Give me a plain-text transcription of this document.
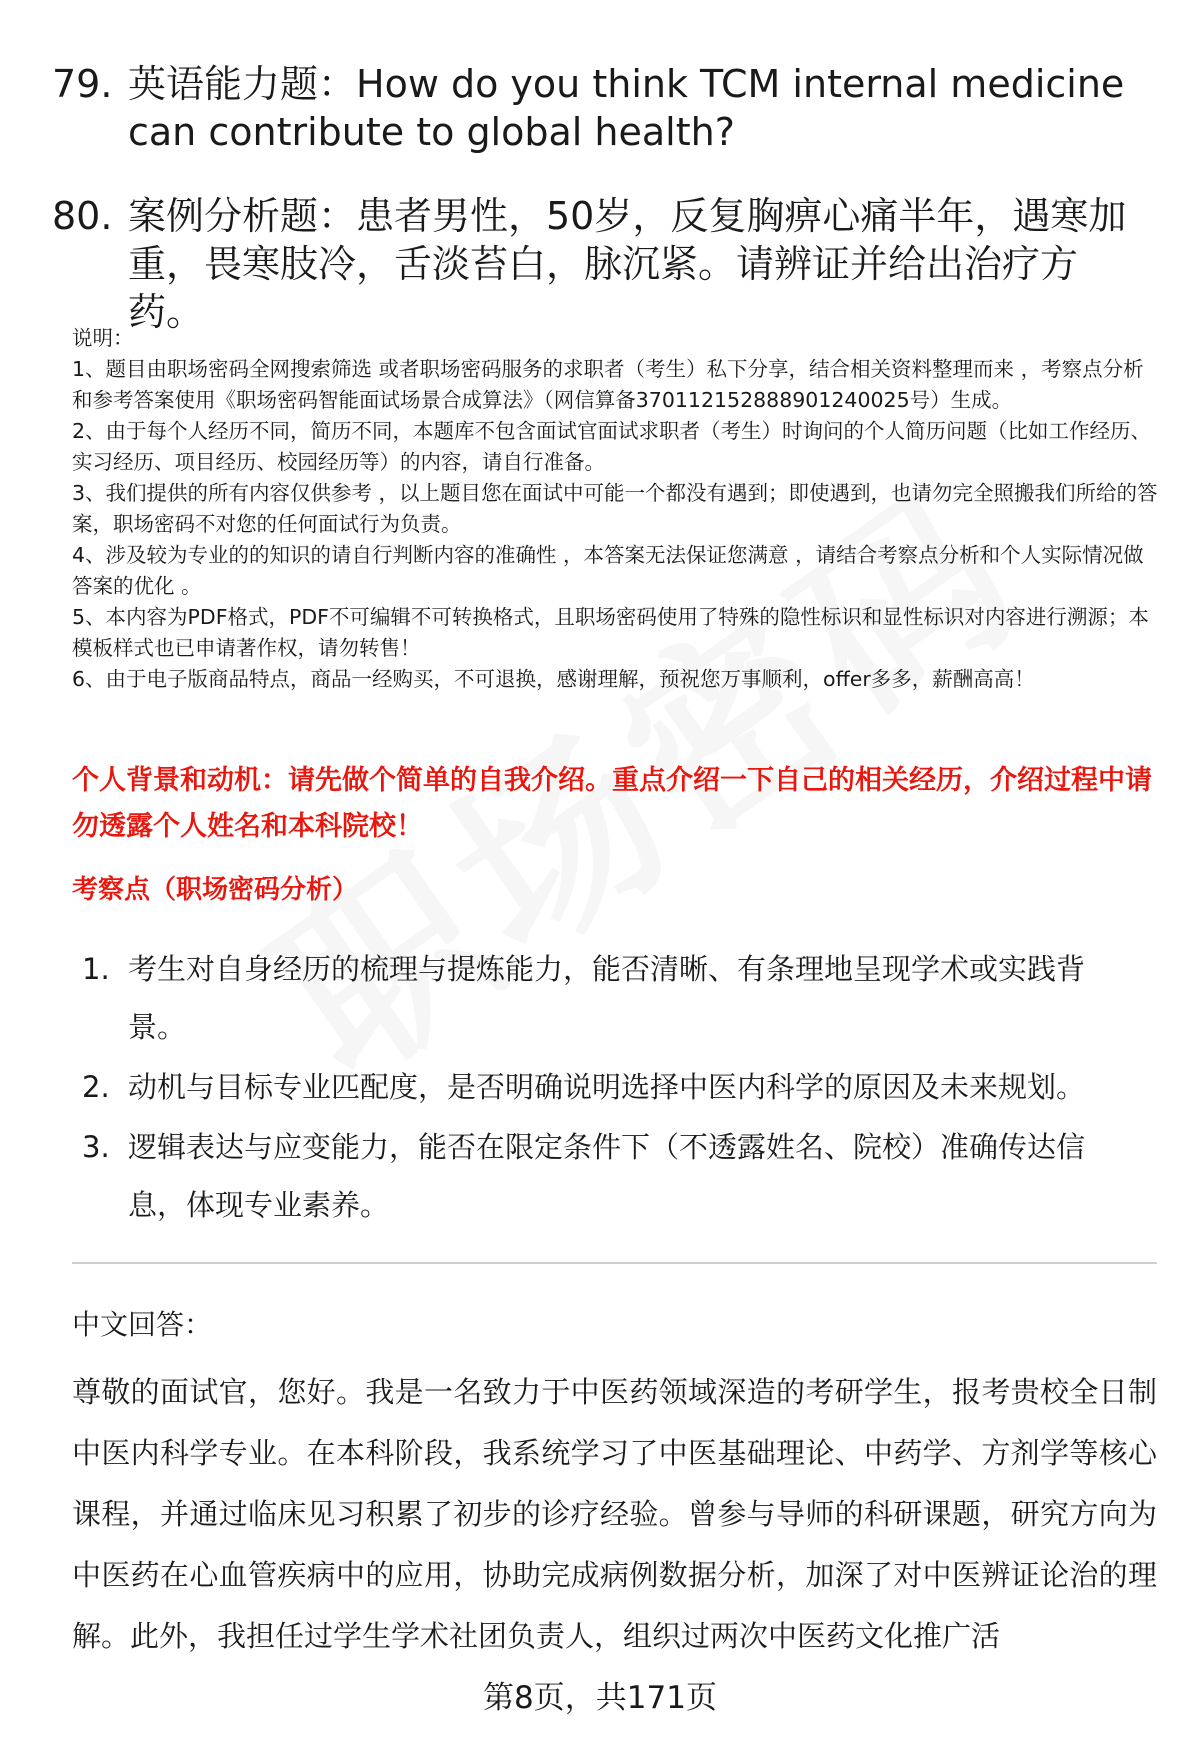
79. 英语能力题：How do you think TCM internal medicine can contribute to global health?
80. 案例分析题：患者男性，50岁，反复胸痹心痛半年，遇寒加重，畏寒肢冷，舌淡苔白，脉沉紧。请辨证并给出治疗方药。

说明：

1、题目由职场密码全网搜索筛选 或者职场密码服务的求职者（考生）私下分享，结合相关资料整理而来 ，考察点分析和参考答案使用《职场密码智能面试场景合成算法》（网信算备370112152888901240025号）生成。

2、由于每个人经历不同，简历不同，本题库不包含面试官面试求职者（考生）时询问的个人简历问题（比如工作经历、实习经历、项目经历、校园经历等）的内容，请自行准备。

3、我们提供的所有内容仅供参考 ，以上题目您在面试中可能一个都没有遇到；即使遇到，也请勿完全照搬我们所给的答案，职场密码不对您的任何面试行为负责。

4、涉及较为专业的的知识的请自行判断内容的准确性 ，本答案无法保证您满意 ，请结合考察点分析和个人实际情况做答案的优化 。

5、本内容为PDF格式，PDF不可编辑不可转换格式，且职场密码使用了特殊的隐性标识和显性标识对内容进行溯源；本模板样式也已申请著作权，请勿转售！

6、由于电子版商品特点，商品一经购买，不可退换，感谢理解，预祝您万事顺利，offer多多，薪酬高高！

个人背景和动机：请先做个简单的自我介绍。重点介绍一下自己的相关经历，介绍过程中请勿透露个人姓名和本科院校！
考察点（职场密码分析）
1. 考生对自身经历的梳理与提炼能力，能否清晰、有条理地呈现学术或实践背景。
2. 动机与目标专业匹配度，是否明确说明选择中医内科学的原因及未来规划。
3. 逻辑表达与应变能力，能否在限定条件下（不透露姓名、院校）准确传达信息，体现专业素养。
中文回答：
尊敬的面试官，您好。我是一名致力于中医药领域深造的考研学生，报考贵校全日制中医内科学专业。在本科阶段，我系统学习了中医基础理论、中药学、方剂学等核心课程，并通过临床见习积累了初步的诊疗经验。曾参与导师的科研课题，研究方向为中医药在心血管疾病中的应用，协助完成病例数据分析，加深了对中医辨证论治的理解。此外，我担任过学生学术社团负责人，组织过两次中医药文化推广活
第8页，共171页
